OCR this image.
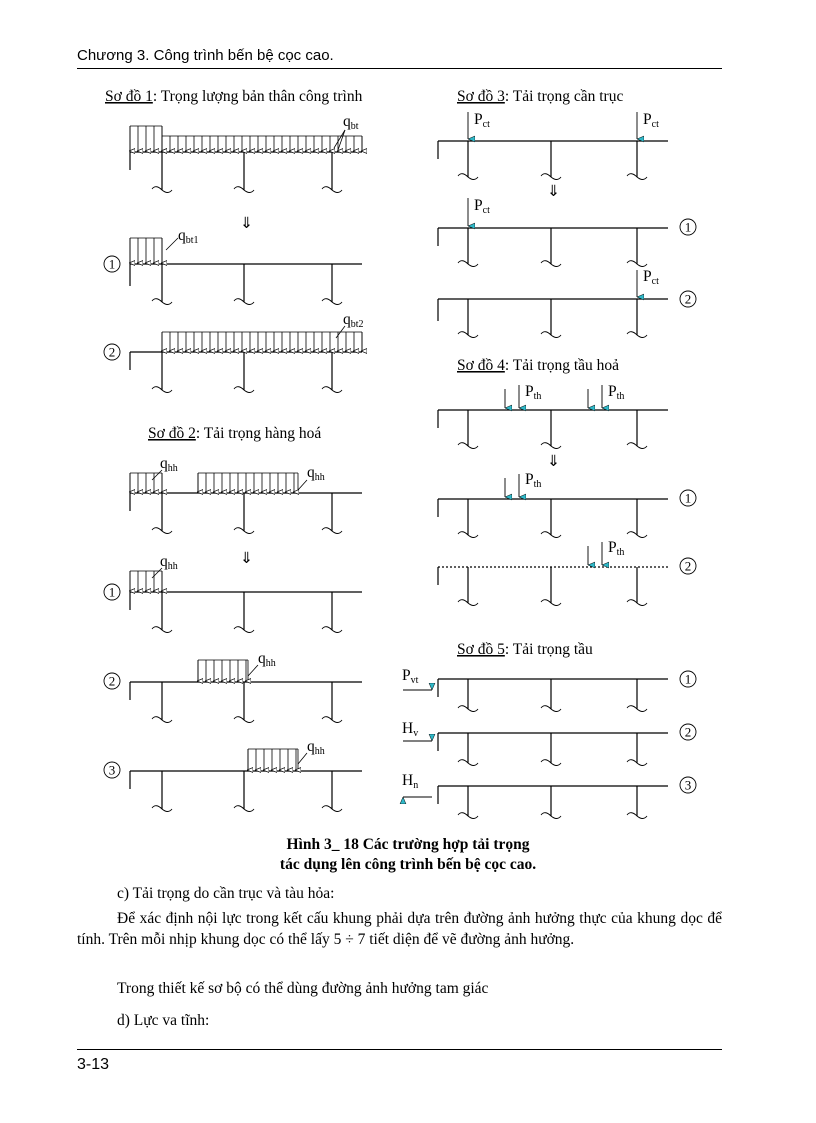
Chương 3. Công trình bến bệ cọc cao.
Sơ đồ 1: Trọng lượng bản thân công trình
Sơ đồ 2: Tải trọng hàng hoá
Sơ đồ 3: Tải trọng cần trục
Sơ đồ 4: Tải trọng tầu hoả
Sơ đồ 5: Tải trọng tầu
⇓
⇓
⇓
⇓
1
2
1
2
3
1
2
1
2
1
2
3
qbt
qbt1
qbt2
qhh	qhh
qhh
qhh
qhh
Pct	Pct
Pct
Pct
Pth	Pth
Pth
Pth
Pvt
Hv
Hn
Hình 3_ 18 Các trường hợp tải trọng
tác dụng lên công trình bến bệ cọc cao.
c) Tải trọng do cần trục và tàu hỏa:
Để xác định nội lực trong kết cấu khung phải dựa trên đường ảnh hưởng thực của khung dọc để tính. Trên mỗi nhịp khung dọc có thể lấy 5 ÷ 7 tiết diện để vẽ đường ảnh hưởng.
Trong thiết kế sơ bộ có thể dùng đường ảnh hưởng tam giác
d) Lực va tĩnh:
3-13
